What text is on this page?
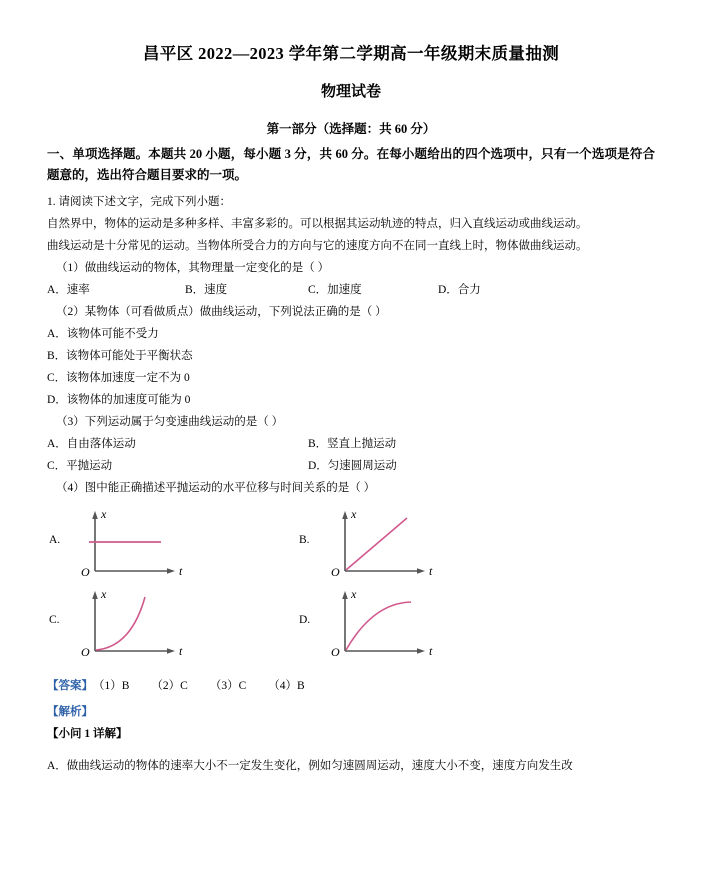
昌平区 2022—2023 学年第二学期高一年级期末质量抽测
物理试卷
第一部分（选择题：共 60 分）
一、单项选择题。本题共 20 小题，每小题 3 分，共 60 分。在每小题给出的四个选项中，只有一个选项是符合题意的，选出符合题目要求的一项。
1. 请阅读下述文字，完成下列小题：
自然界中，物体的运动是多种多样、丰富多彩的。可以根据其运动轨迹的特点，归入直线运动或曲线运动。
曲线运动是十分常见的运动。当物体所受合力的方向与它的速度方向不在同一直线上时，物体做曲线运动。
（1）做曲线运动的物体，其物理量一定变化的是（ ）
A．速率	B．速度	C．加速度	D．合力
（2）某物体（可看做质点）做曲线运动，下列说法正确的是（ ）
A．该物体可能不受力
B．该物体可能处于平衡状态
C．该物体加速度一定不为 0
D．该物体的加速度可能为 0
（3）下列运动属于匀变速曲线运动的是（ ）
A．自由落体运动	B．竖直上抛运动
C．平抛运动	D．匀速圆周运动
（4）图中能正确描述平抛运动的水平位移与时间关系的是（ ）
A.
x
t
O
B.
x
t
O
C.
x
t
O
D.
x
t
O
【答案】（1）B （2）C （3）C （4）B
【解析】
【小问 1 详解】
A．做曲线运动的物体的速率大小不一定发生变化，例如匀速圆周运动，速度大小不变，速度方向发生改
